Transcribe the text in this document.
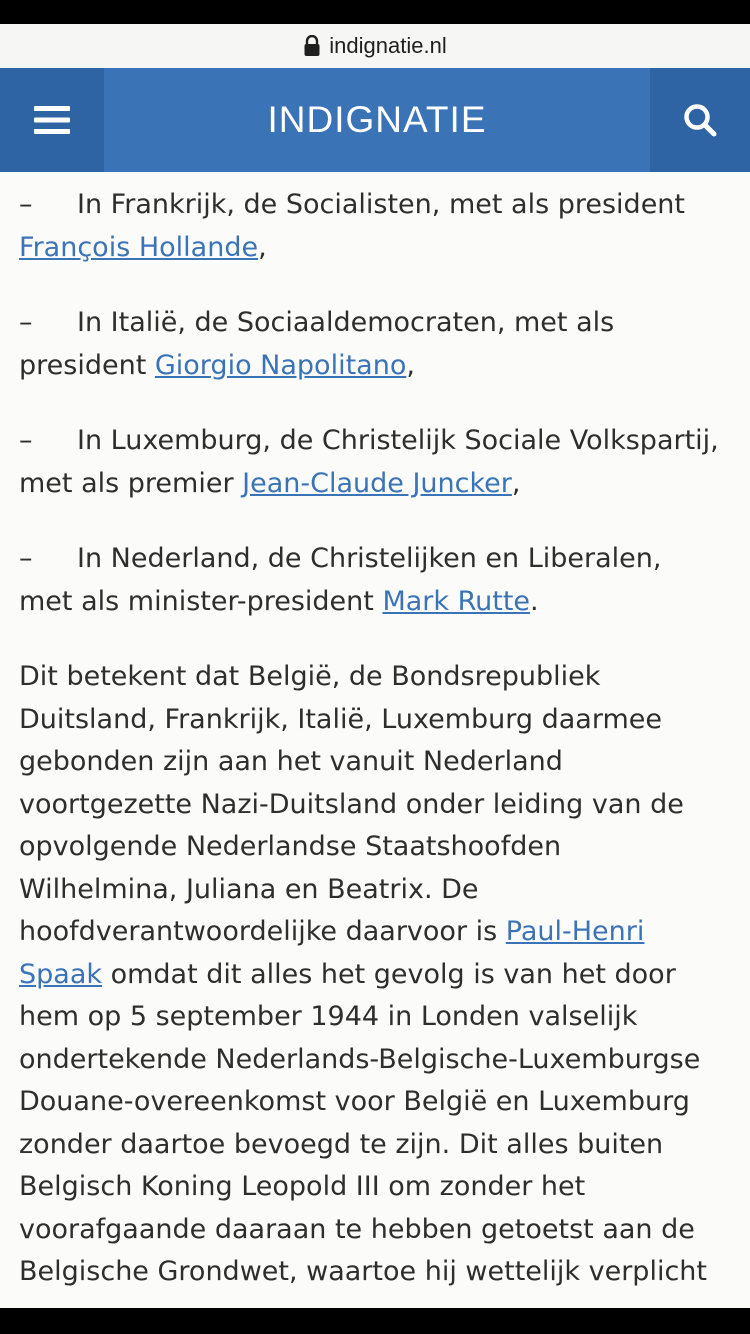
indignatie.nl
INDIGNATIE

– In Frankrijk, de Socialisten, met als president François Hollande,

– In Italië, de Sociaaldemocraten, met als president Giorgio Napolitano,

– In Luxemburg, de Christelijk Sociale Volkspartij, met als premier Jean-Claude Juncker,

– In Nederland, de Christelijken en Liberalen, met als minister-president Mark Rutte.

Dit betekent dat België, de Bondsrepubliek Duitsland, Frankrijk, Italië, Luxemburg daarmee gebonden zijn aan het vanuit Nederland voortgezette Nazi-Duitsland onder leiding van de opvolgende Nederlandse Staatshoofden Wilhelmina, Juliana en Beatrix. De hoofdverantwoordelijke daarvoor is Paul-Henri Spaak omdat dit alles het gevolg is van het door hem op 5 september 1944 in Londen valselijk ondertekende Nederlands-Belgische-Luxemburgse Douane-overeenkomst voor België en Luxemburg zonder daartoe bevoegd te zijn. Dit alles buiten Belgisch Koning Leopold III om zonder het voorafgaande daaraan te hebben getoetst aan de Belgische Grondwet, waartoe hij wettelijk verplicht
